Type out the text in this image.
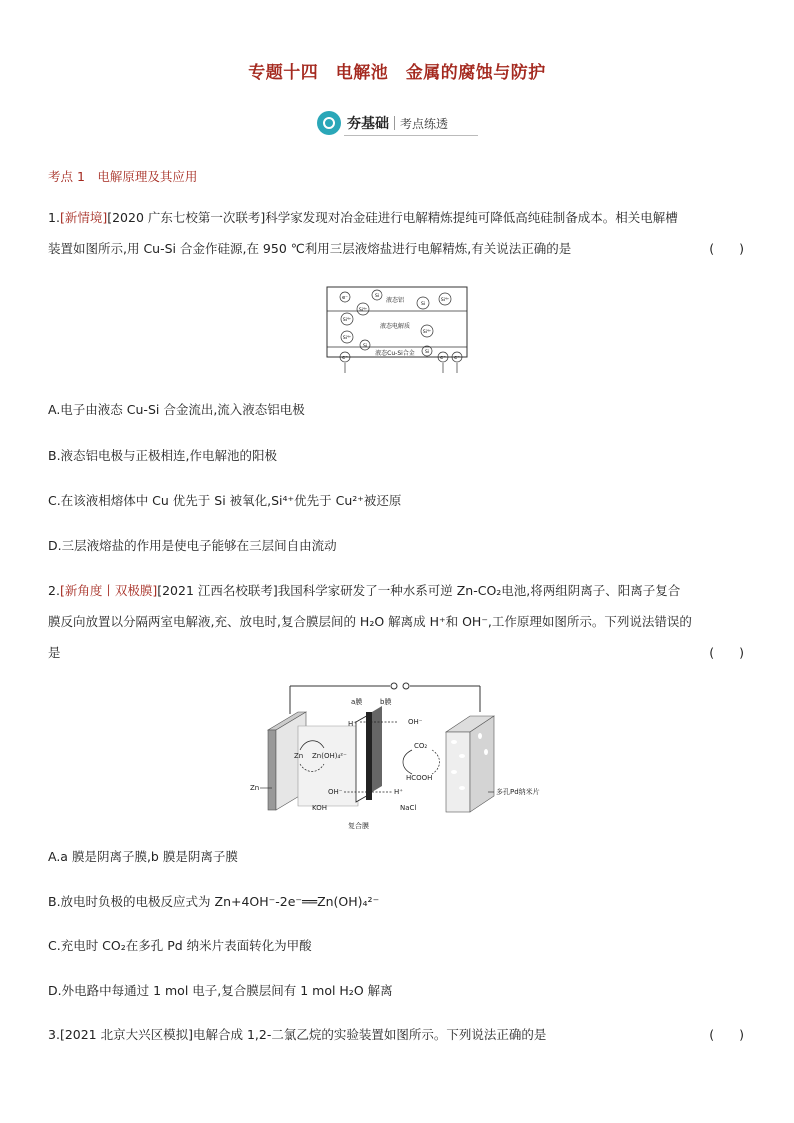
专题十四　电解池　金属的腐蚀与防护
夯基础 考点练透
考点 1　电解原理及其应用
1.[新情境][2020 广东七校第一次联考]科学家发现对冶金硅进行电解精炼提纯可降低高纯硅制备成本。相关电解槽
装置如图所示,用 Cu-Si 合金作硅源,在 950 ℃利用三层液熔盐进行电解精炼,有关说法正确的是	(　　)
液态铝
液态电解质
液态Cu-Si合金
e⁻	Si
Si⁴⁺
Si⁴⁺
Si⁴⁺
Si
Si
Si⁴⁺
Si⁴⁺
Si
e⁻	e⁻ e⁻
A.电子由液态 Cu-Si 合金流出,流入液态铝电极
B.液态铝电极与正极相连,作电解池的阳极
C.在该液相熔体中 Cu 优先于 Si 被氧化,Si⁴⁺优先于 Cu²⁺被还原
D.三层液熔盐的作用是使电子能够在三层间自由流动
2.[新角度丨双极膜][2021 江西名校联考]我国科学家研发了一种水系可逆 Zn-CO₂电池,将两组阴离子、阳离子复合
膜反向放置以分隔两室电解液,充、放电时,复合膜层间的 H₂O 解离成 H⁺和 OH⁻,工作原理如图所示。下列说法错误的
是	(　　)
a膜	b膜
H⁺	OH⁻
Zn Zn(OH)₄²⁻
CO₂
HCOOH
Zn	OH⁻	H⁺
KOH	NaCl
复合膜
多孔Pd纳米片
A.a 膜是阴离子膜,b 膜是阴离子膜
B.放电时负极的电极反应式为 Zn+4OH⁻-2e⁻══Zn(OH)₄²⁻
C.充电时 CO₂在多孔 Pd 纳米片表面转化为甲酸
D.外电路中每通过 1 mol 电子,复合膜层间有 1 mol H₂O 解离
3.[2021 北京大兴区模拟]电解合成 1,2-二氯乙烷的实验装置如图所示。下列说法正确的是	(　　)
